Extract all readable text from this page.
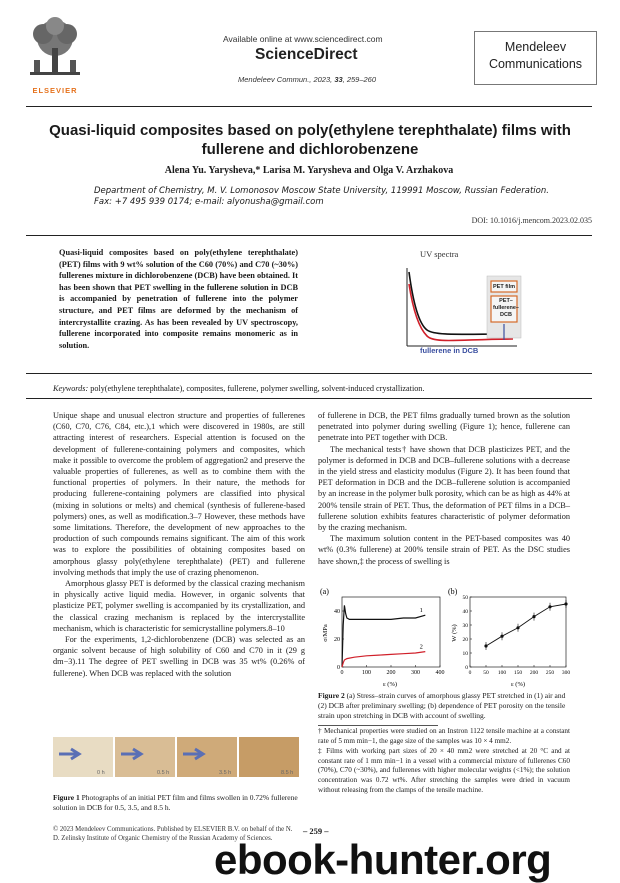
ELSEVIER
Available online at www.sciencedirect.com
ScienceDirect
Mendeleev Commun., 2023, 33, 259–260
Mendeleev
Communications
Quasi-liquid composites based on poly(ethylene terephthalate) films with fullerene and dichlorobenzene
Alena Yu. Yarysheva,* Larisa M. Yarysheva and Olga V. Arzhakova
Department of Chemistry, M. V. Lomonosov Moscow State University, 119991 Moscow, Russian Federation.
Fax: +7 495 939 0174; e-mail: alyonusha@gmail.com
DOI: 10.1016/j.mencom.2023.02.035
Quasi-liquid composites based on poly(ethylene terephthalate) (PET) films with 9 wt% solution of the C60 (70%) and C70 (~30%) fullerenes mixture in dichlorobenzene (DCB) have been obtained. It has been shown that PET swelling in the fullerene solution in DCB is accompanied by penetration of fullerene into the polymer structure, and PET films are deformed by the mechanism of intercrystallite crazing. As has been revealed by UV spectroscopy, fullerene incorporated into composite remains monomeric as in solution.
UV spectra
PET film
PET–fullerene–DCB
fullerene in DCB
Keywords: poly(ethylene terephthalate), composites, fullerene, polymer swelling, solvent-induced crystallization.

Unique shape and unusual electron structure and properties of fullerenes (C60, C70, C76, C84, etc.),1 which were discovered in 1980s, are still attracting interest of researchers. Especial attention is focused on the development of fullerene-containing polymers and composites, which make it possible to overcome the problem of aggregation2 and preserve the valuable properties of fullerenes, as well as to combine them with the functional properties of polymers. In their nature, the methods for producing fullerene-containing polymers are classified into physical (mixing in solutions or melts) and chemical (synthesis of fullerene-based polymers) ones, as well as modification.3–7 However, these methods have some limitations. Therefore, the development of new approaches to the production of such compounds remains significant. The aim of this work was to explore the possibilities of obtaining composites based on amorphous glassy poly(ethylene terephthalate) (PET) and fullerene involving methods that imply the use of crazing phenomenon.

Amorphous glassy PET is deformed by the classical crazing mechanism in physically active liquid media. However, in organic solvents that plasticize PET, polymer swelling is accompanied by its crystallization, and the classical crazing mechanism is replaced by the intercrystallite mechanism, which is characteristic for semicrystalline polymers.8–10

For the experiments, 1,2-dichlorobenzene (DCB) was selected as an organic solvent because of high solubility of C60 and C70 in it (29 g dm−3).11 The degree of PET swelling in DCB was 35 wt% (0.26% of fullerene). When DCB was replaced with the solution

0 h	0.5 h	3.5 h	8.5 h
Figure 1 Photographs of an initial PET film and films swollen in 0.72% fullerene solution in DCB for 0.5, 3.5, and 8.5 h.

of fullerene in DCB, the PET films gradually turned brown as the solution penetrated into polymer during swelling (Figure 1); hence, fullerene can penetrate into PET together with DCB.

The mechanical tests† have shown that DCB plasticizes PET, and the polymer is deformed in DCB and DCB–fullerene solutions with a decrease in the yield stress and elasticity modulus (Figure 2). It has been found that PET deformation in DCB and the DCB–fullerene solution is accompanied by an increase in the polymer bulk porosity, which can be as high as 44% at 200% tensile strain of PET. Thus, the deformation of PET films in a DCB–fullerene solution exhibits features characteristic of polymer deformation by the crazing mechanism.

The maximum solution content in the PET-based composites was 40 wt% (0.3% fullerene) at 200% tensile strain of PET. As the DSC studies have shown,‡ the process of swelling is

(a)	(b)
0	100	200	300	400
0
20
40
ε (%)
σ/MPa
1
2
0 50 100 150 200 250 300
0
10
20
30
40
50
ε (%)
W (%)
Figure 2 (a) Stress–strain curves of amorphous glassy PET stretched in (1) air and (2) DCB after preliminary swelling; (b) dependence of PET porosity on the tensile strain upon stretching in DCB with account of swelling.

† Mechanical properties were studied on an Instron 1122 tensile machine at a constant rate of 5 mm min−1, the gage size of the samples was 10 × 4 mm2.

‡ Films with working part sizes of 20 × 40 mm2 were stretched at 20 °C and at constant rate of 1 mm min−1 in a vessel with a commercial mixture of fullerenes C60 (70%), C70 (~30%), and fullerenes with higher molecular weights (<1%); the solution concentration was 0.72 wt%. After stretching the samples were dried in vacuum without releasing from the clamps of the tensile machine.

© 2023 Mendeleev Communications. Published by ELSEVIER B.V. on behalf of the N. D. Zelinsky Institute of Organic Chemistry of the Russian Academy of Sciences.
– 259 –
ebook-hunter.org
